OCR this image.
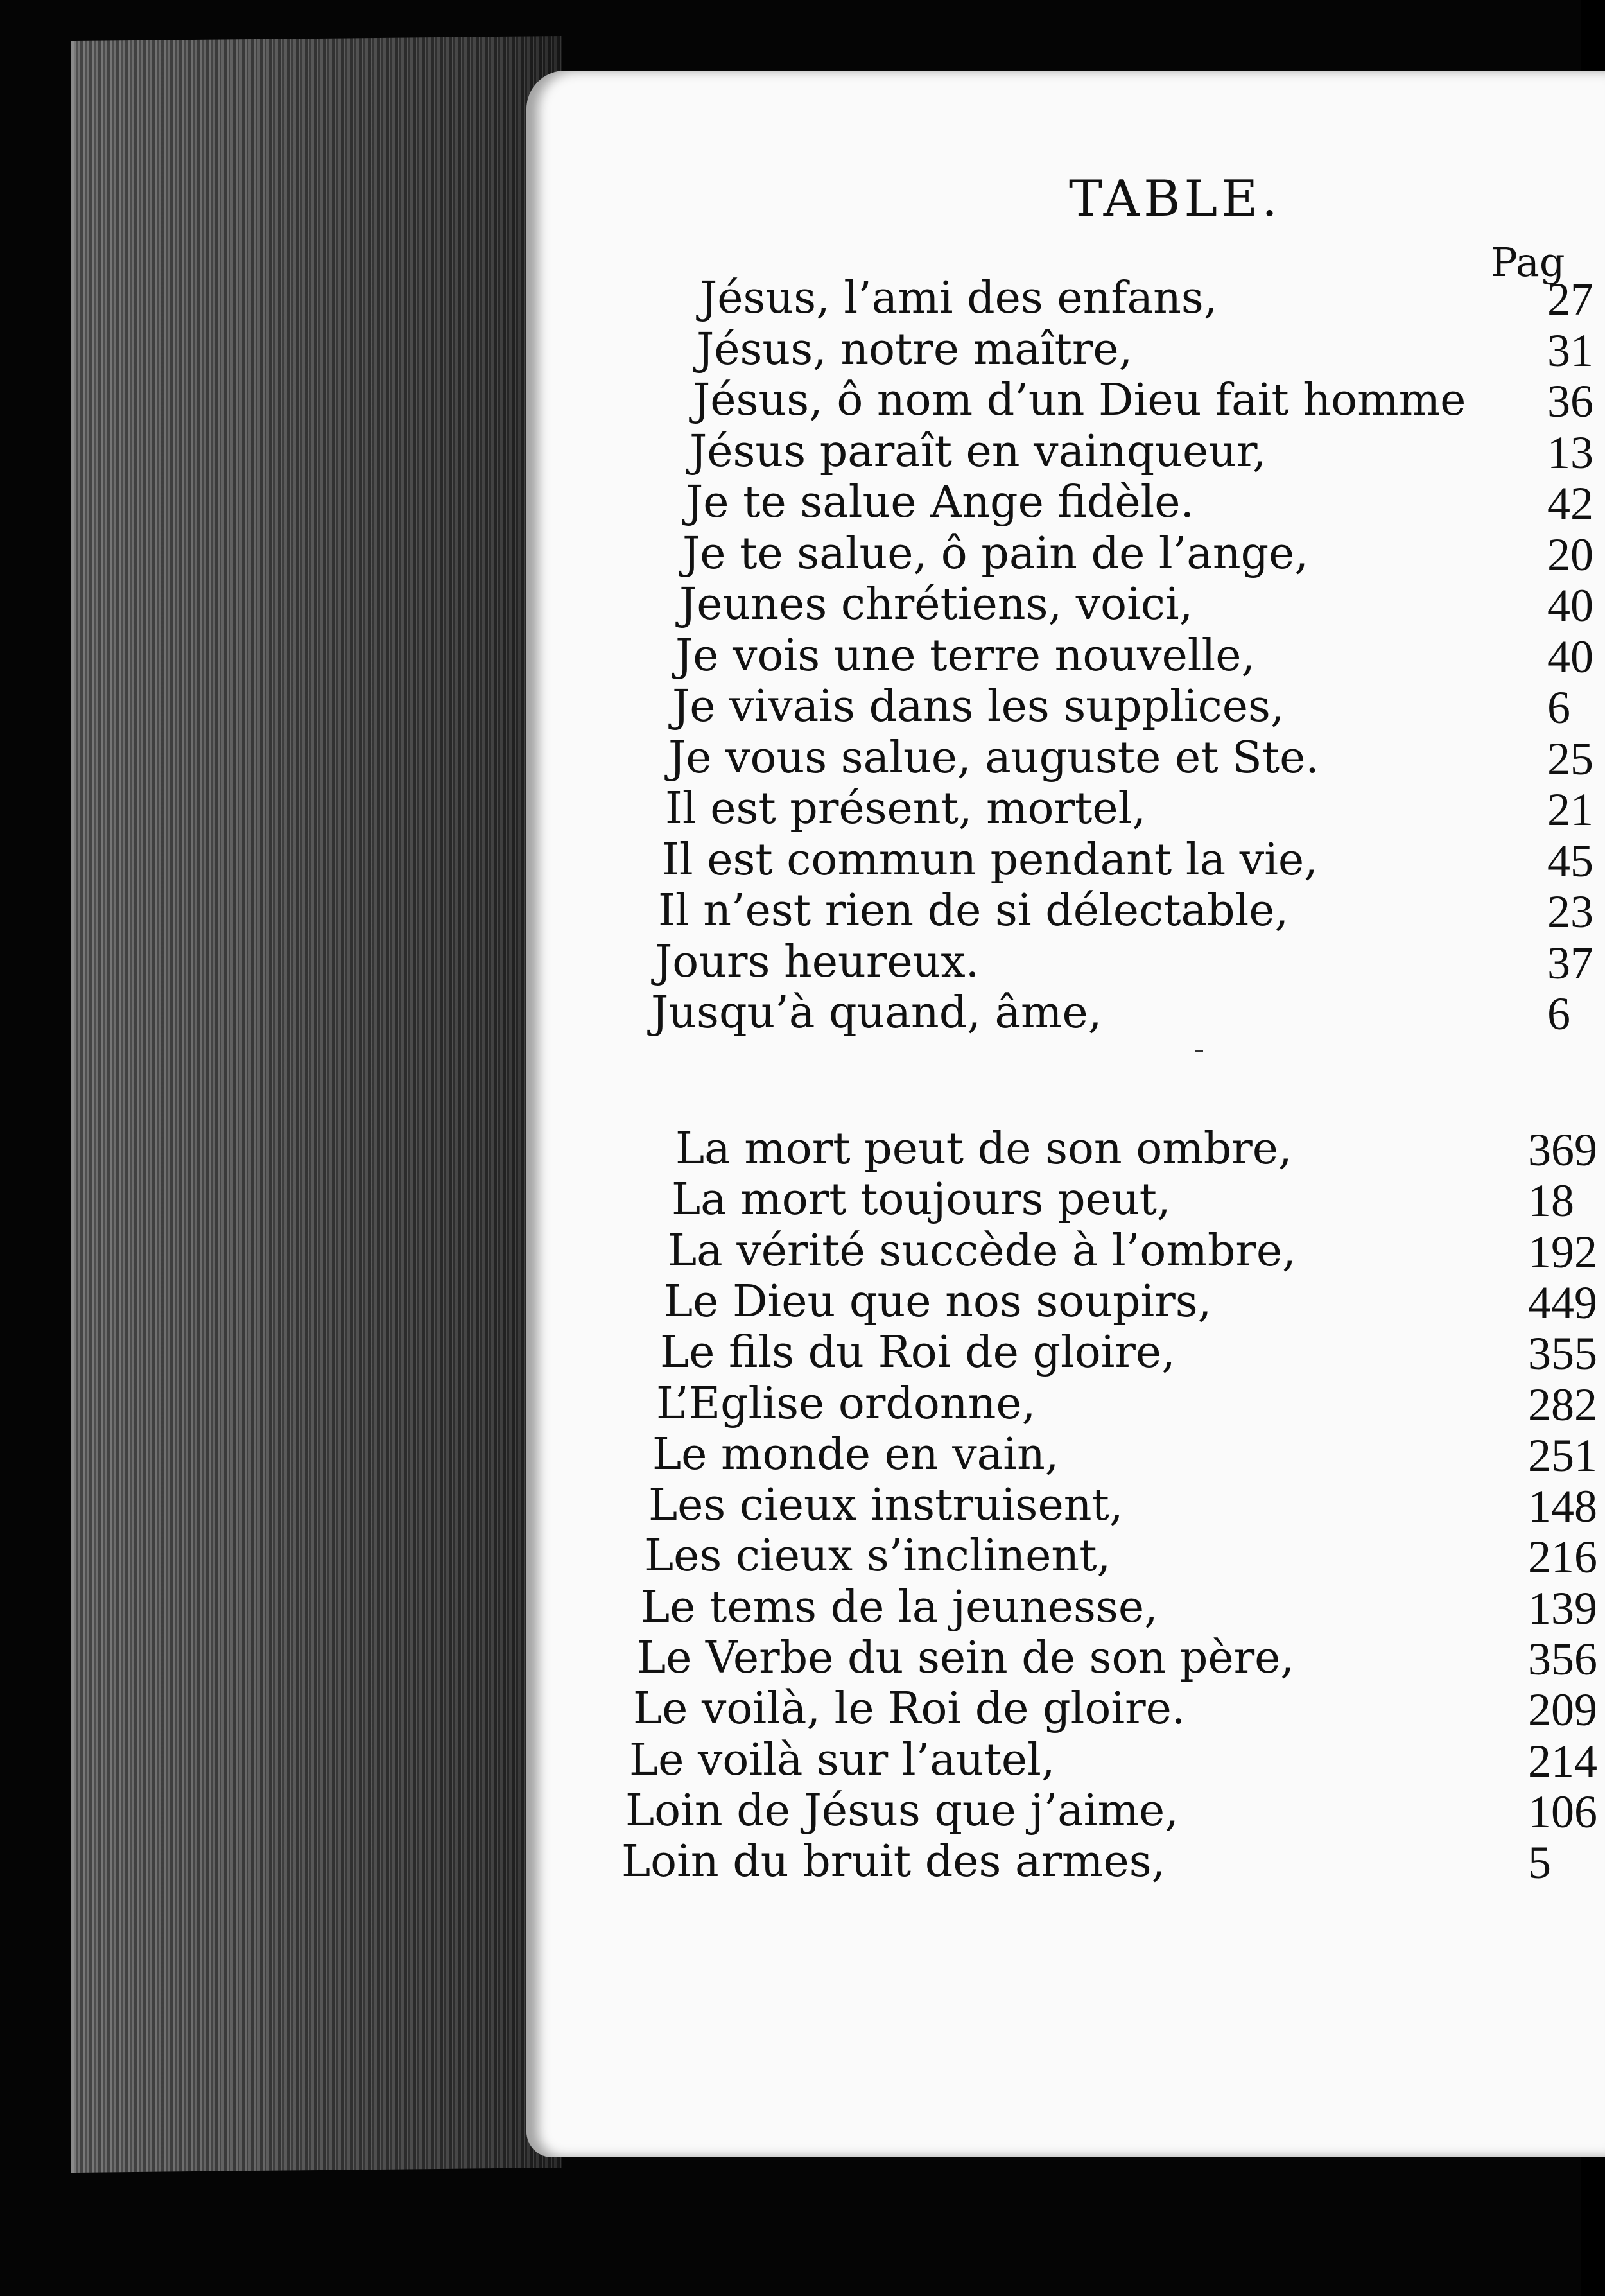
TABLE.
Pag
Jésus, l’ami des enfans,	27
Jésus, notre maître,	31
Jésus, ô nom d’un Dieu fait homme 36
Jésus paraît en vainqueur,	13
Je te salue Ange fidèle.	42
Je te salue, ô pain de l’ange,	20
Jeunes chrétiens, voici,	40
Je vois une terre nouvelle,	40
Je vivais dans les supplices,	6
Je vous salue, auguste et Ste.	25
Il est présent, mortel,	21
Il est commun pendant la vie,	45
Il n’est rien de si délectable,	23
Jours heureux.	37
Jusqu’à quand, âme,	6
La mort peut de son ombre,	369
La mort toujours peut,	18
La vérité succède à l’ombre,	192
Le Dieu que nos soupirs,	449
Le fils du Roi de gloire,	355
L’Eglise ordonne,	282
Le monde en vain,	251
Les cieux instruisent,	148
Les cieux s’inclinent,	216
Le tems de la jeunesse,	139
Le Verbe du sein de son père,	356
Le voilà, le Roi de gloire.	209
Le voilà sur l’autel,	214
Loin de Jésus que j’aime,	106
Loin du bruit des armes,	5
